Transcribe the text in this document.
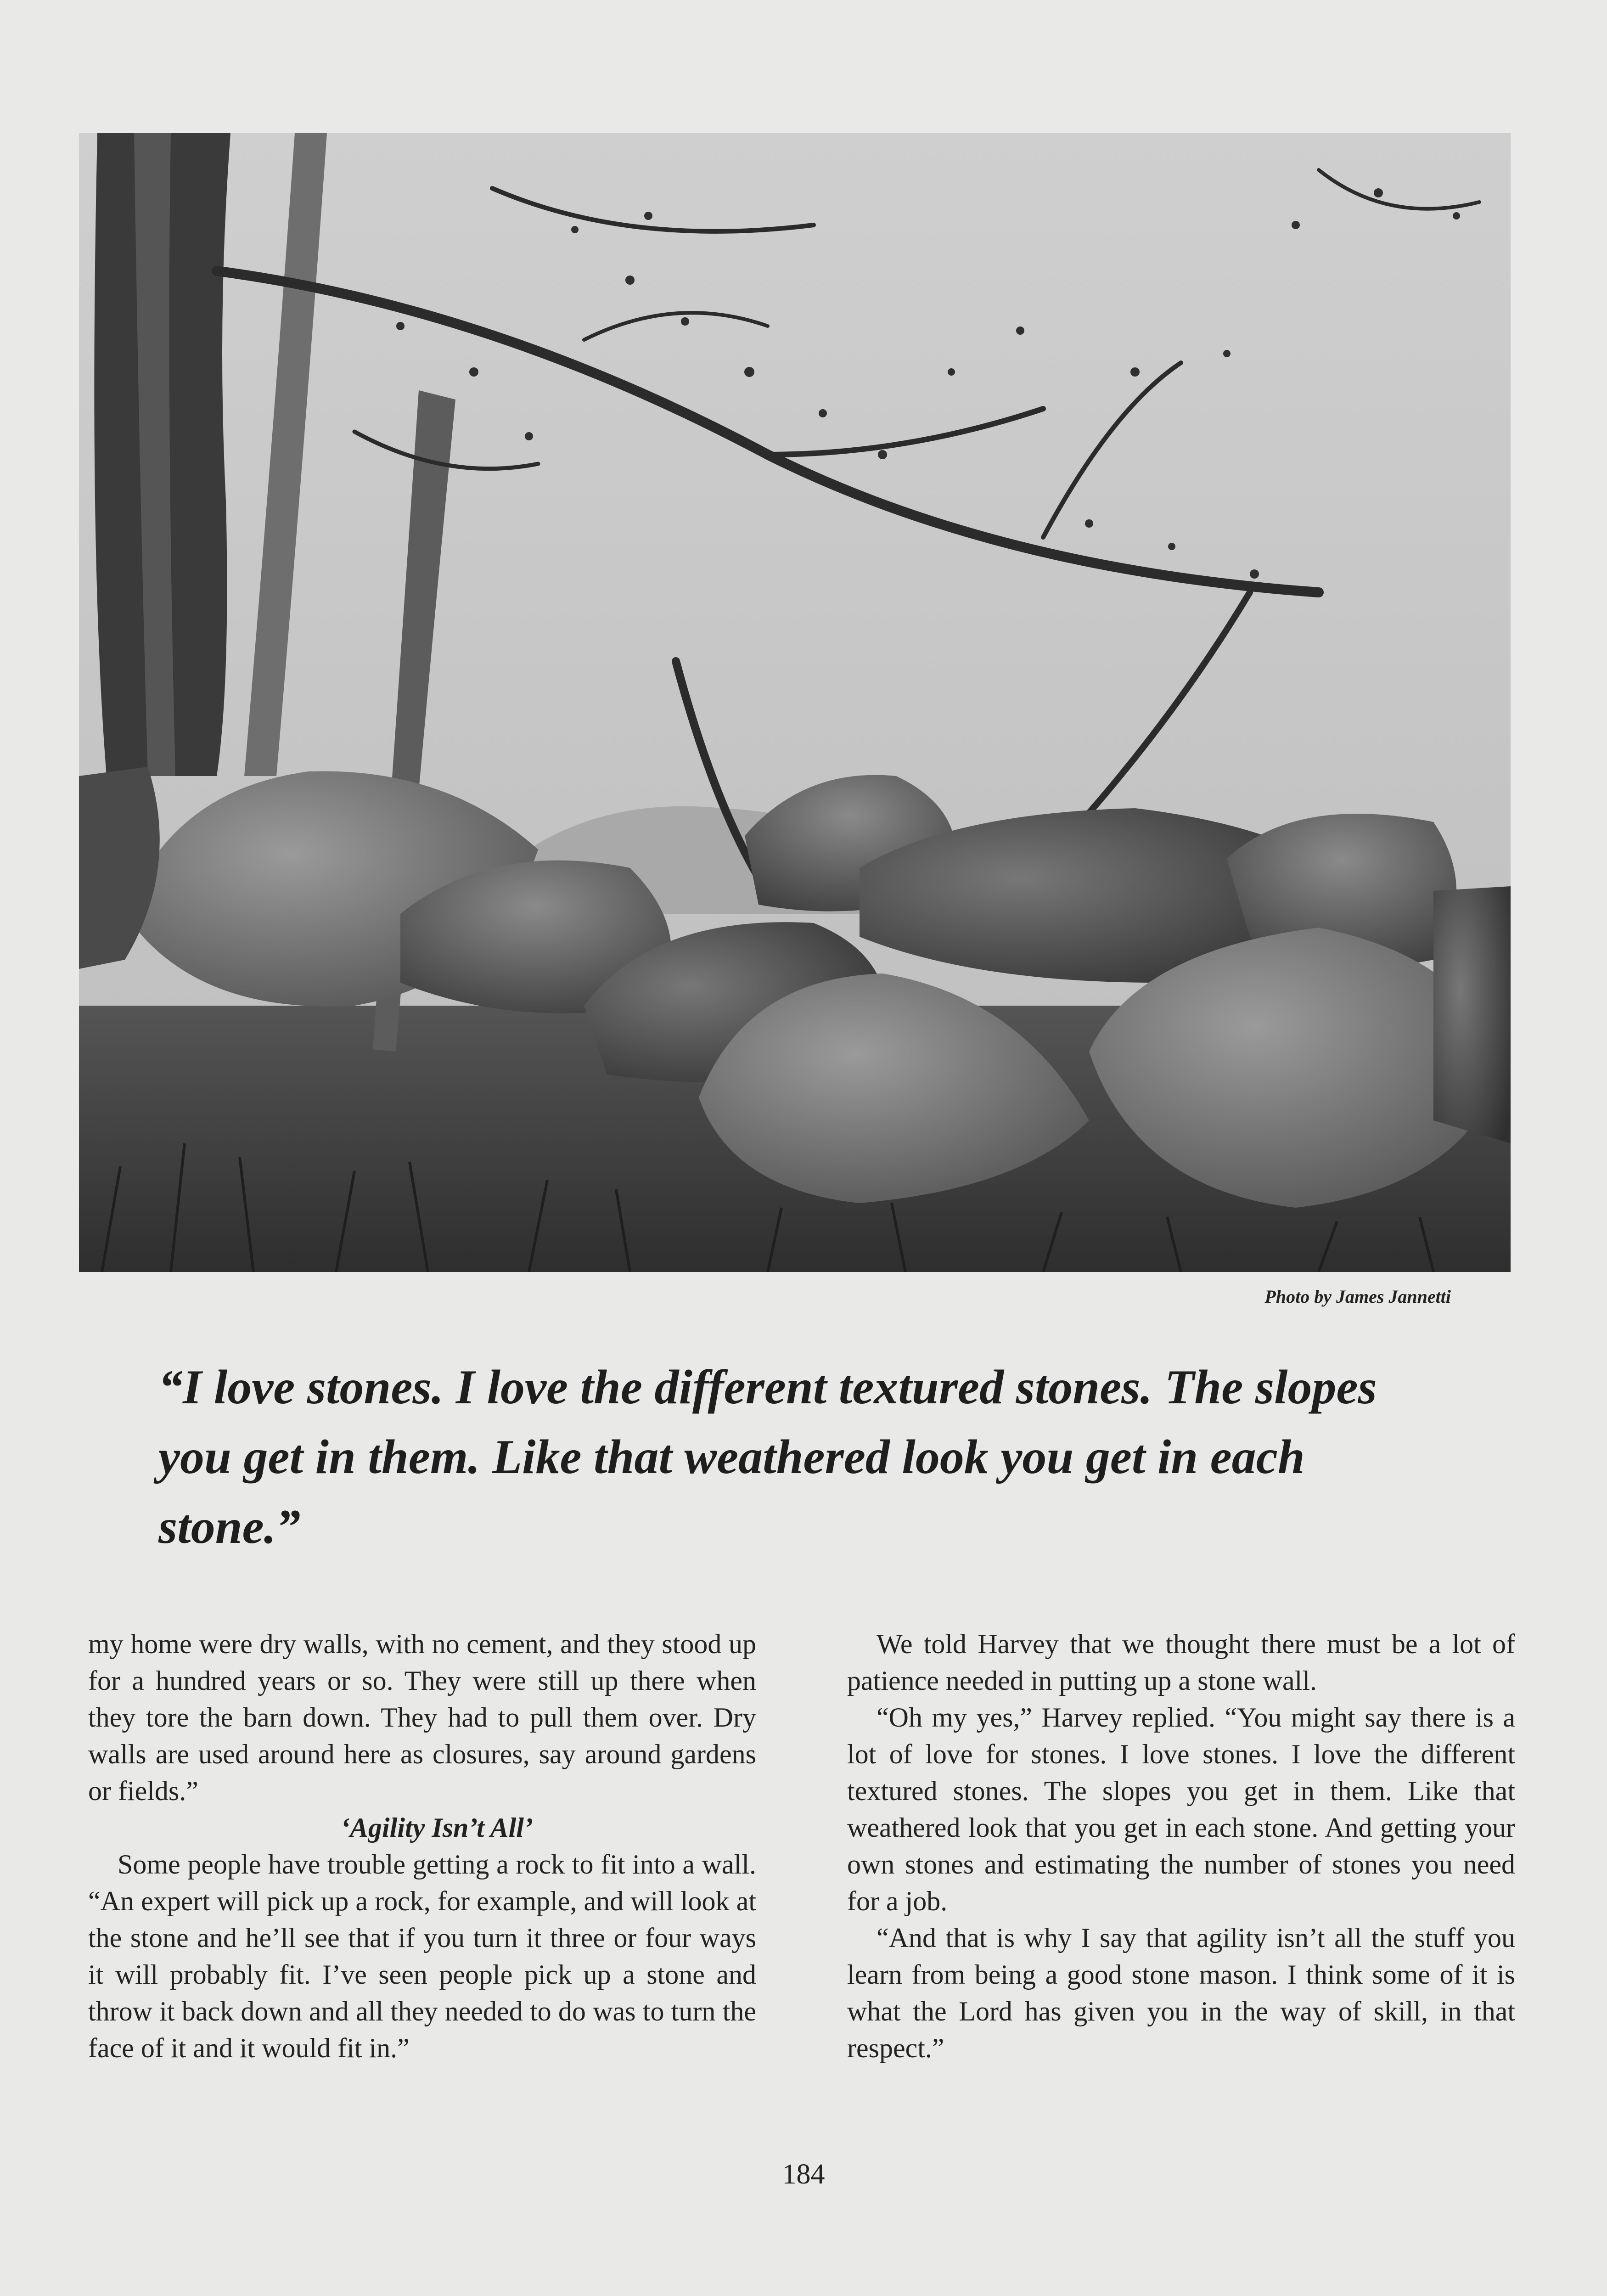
Photo by James Jannetti

“I love stones. I love the different textured stones. The slopes you get in them. Like that weathered look you get in each stone.”

my home were dry walls, with no cement, and they stood up for a hundred years or so. They were still up there when they tore the barn down. They had to pull them over. Dry walls are used around here as closures, say around gardens or fields.”

‘Agility Isn’t All’

Some people have trouble getting a rock to fit into a wall. “An expert will pick up a rock, for example, and will look at the stone and he’ll see that if you turn it three or four ways it will probably fit. I’ve seen people pick up a stone and throw it back down and all they needed to do was to turn the face of it and it would fit in.”

We told Harvey that we thought there must be a lot of patience needed in putting up a stone wall.

“Oh my yes,” Harvey replied. “You might say there is a lot of love for stones. I love stones. I love the different textured stones. The slopes you get in them. Like that weathered look that you get in each stone. And getting your own stones and estimating the number of stones you need for a job.

“And that is why I say that agility isn’t all the stuff you learn from being a good stone mason. I think some of it is what the Lord has given you in the way of skill, in that respect.”

184
